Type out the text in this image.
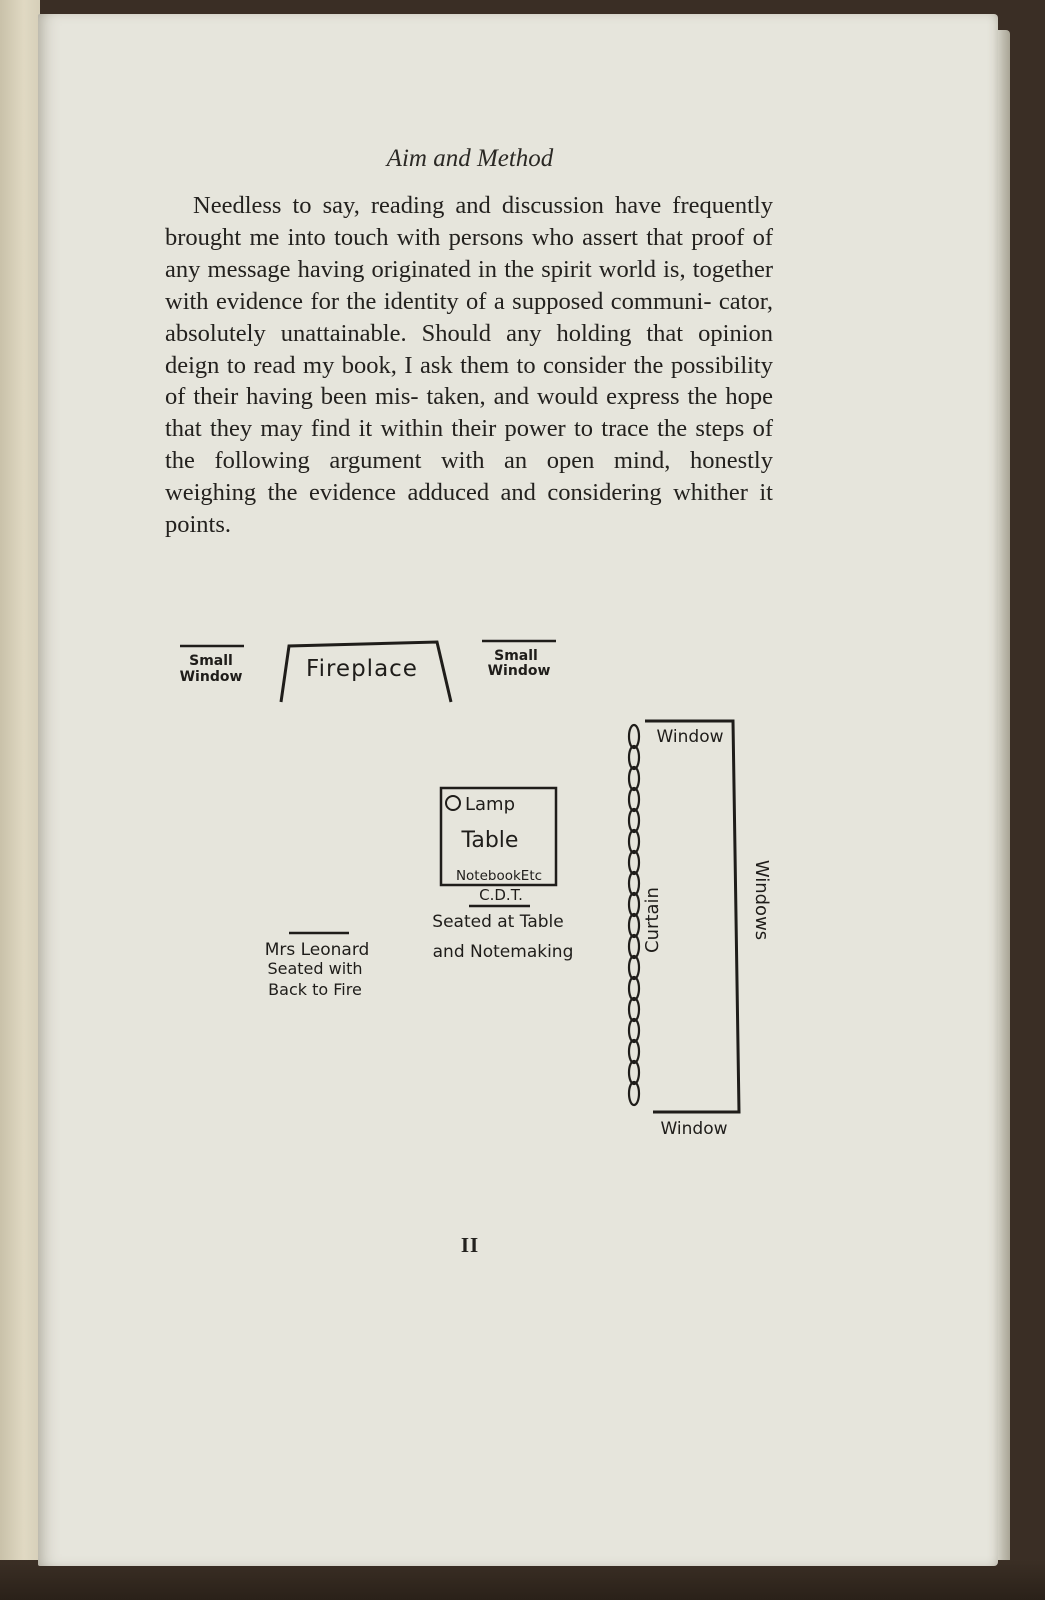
Aim and Method

Needless to say, reading and discussion have frequently brought me into touch with persons who assert that proof of any message having originated in the spirit world is, together with evidence for the identity of a supposed communi- cator, absolutely unattainable. Should any holding that opinion deign to read my book, I ask them to consider the possibility of their having been mis- taken, and would express the hope that they may find it within their power to trace the steps of the following argument with an open mind, honestly weighing the evidence adduced and considering whither it points.

Small
Window	Fireplace	Small
Window
Window
Window
Windows
Curtain
Lamp
Table
NotebookEtc
C.D.T.
Seated at Table
and Notemaking
Mrs Leonard
Seated with
Back to Fire
II
